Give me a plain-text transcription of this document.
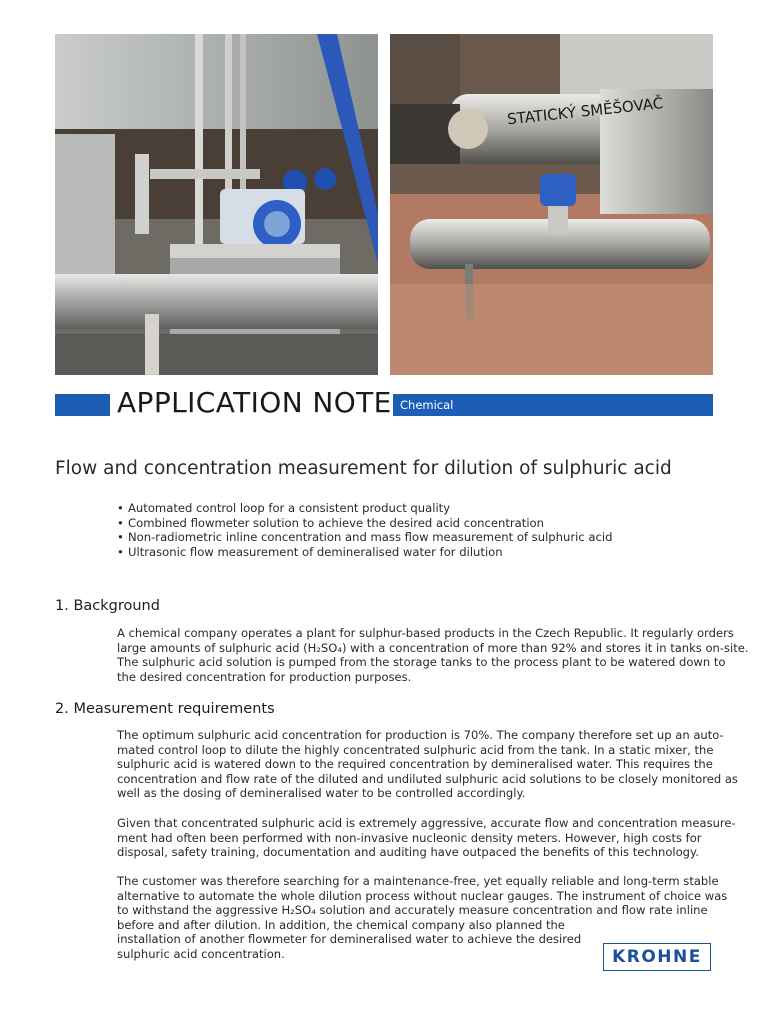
STATICKÝ SMĚŠOVAČ
APPLICATION NOTE Chemical
Flow and concentration measurement for dilution of sulphuric acid
• Automated control loop for a consistent product quality
• Combined flowmeter solution to achieve the desired acid concentration
• Non-radiometric inline concentration and mass flow measurement of sulphuric acid
• Ultrasonic flow measurement of demineralised water for dilution
1. Background
A chemical company operates a plant for sulphur-based products in the Czech Republic. It regularly orders
large amounts of sulphuric acid (H₂SO₄) with a concentration of more than 92% and stores it in tanks on-site.
The sulphuric acid solution is pumped from the storage tanks to the process plant to be watered down to
the desired concentration for production purposes.
2. Measurement requirements
The optimum sulphuric acid concentration for production is 70%. The company therefore set up an auto-
mated control loop to dilute the highly concentrated sulphuric acid from the tank. In a static mixer, the
sulphuric acid is watered down to the required concentration by demineralised water. This requires the
concentration and flow rate of the diluted and undiluted sulphuric acid solutions to be closely monitored as
well as the dosing of demineralised water to be controlled accordingly.
Given that concentrated sulphuric acid is extremely aggressive, accurate flow and concentration measure-
ment had often been performed with non-invasive nucleonic density meters. However, high costs for
disposal, safety training, documentation and auditing have outpaced the benefits of this technology.
The customer was therefore searching for a maintenance-free, yet equally reliable and long-term stable
alternative to automate the whole dilution process without nuclear gauges. The instrument of choice was
to withstand the aggressive H₂SO₄ solution and accurately measure concentration and flow rate inline
before and after dilution. In addition, the chemical company also planned the
installation of another flowmeter for demineralised water to achieve the desired
sulphuric acid concentration.	KROHNE
